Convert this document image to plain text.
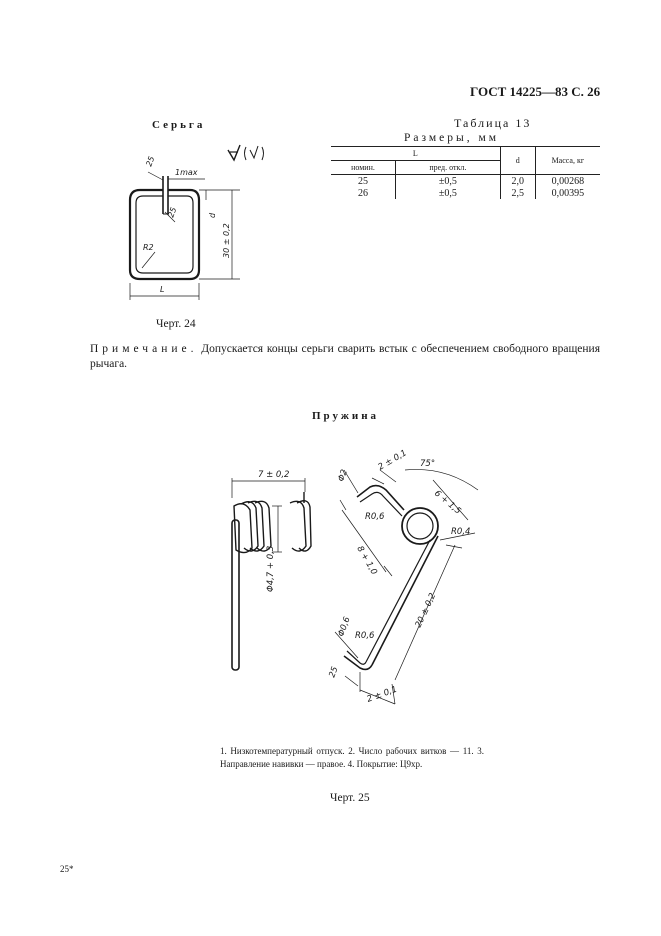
ГОСТ 14225—83 С. 26
Серьга
25
1max
25	d
30 ± 0,2
R2
L
Черт. 24
Таблица 13
Размеры, мм
L		d	Масса, кг
номин.	пред. откл.		
25	±0,5	2,0	0,00268
26	±0,5	2,5	0,00395
Примечание. Допускается концы серьги сварить встык с обеспечением свободного вращения рычага.
Пружина
7 ± 0,2
Φ4,7 + 0,3
Φ2
2 ± 0,1 75°
R0,6
6 + 1,5
8 + 1,0
R0,4
20 ± 0,2
Φ0,6 R0,6
25
2 ± 0,1
1. Низкотемпературный отпуск. 2. Число рабочих витков — 11. 3. Направление навивки — правое. 4. Покрытие: Ц9хр.
Черт. 25
25*
